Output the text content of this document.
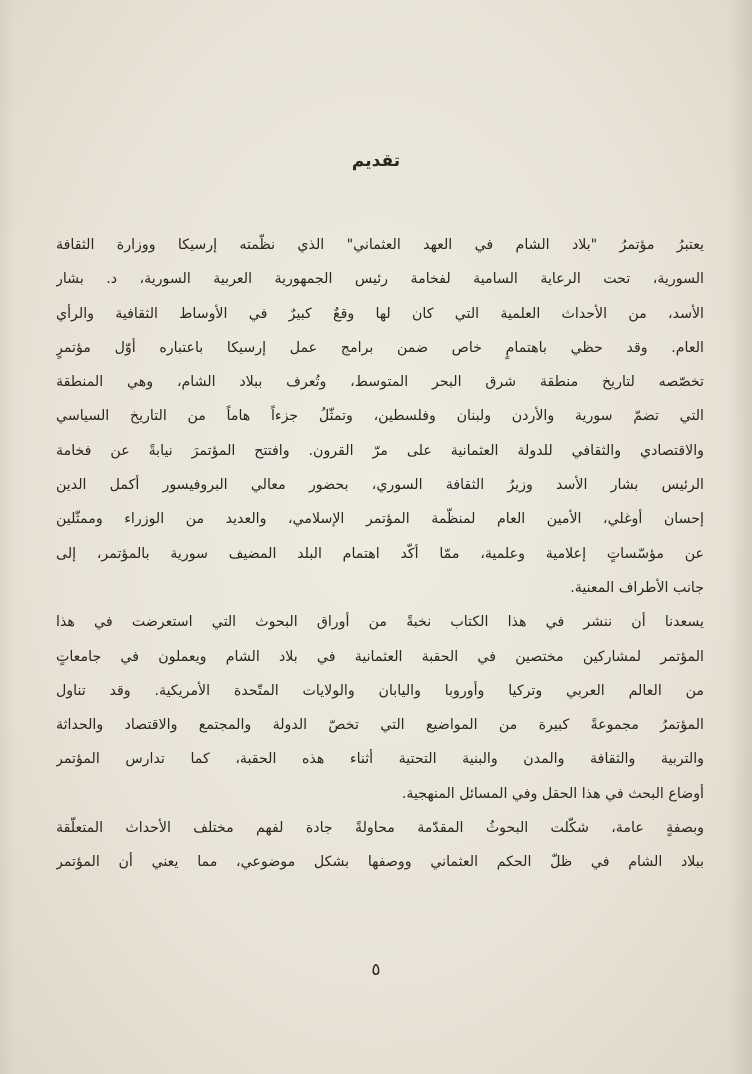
تقديم

يعتبرُ مؤتمرُ "بلاد الشام في العهد العثماني" الذي نظّمته إرسيكا ووزارة الثقافة
السورية، تحت الرعاية السامية لفخامة رئيس الجمهورية العربية السورية، د. بشار
الأسد، من الأحداث العلمية التي كان لها وقعٌ كبيرٌ في الأوساط الثقافية والرأي
العام. وقد حظي باهتمامٍ خاص ضمن برامج عمل إرسيكا باعتباره أوّل مؤتمرٍ
تخصّصه لتاريخ منطقة شرق البحر المتوسط، وتُعرف ببلاد الشام، وهي المنطقة
التي تضمّ سورية والأردن ولبنان وفلسطين، وتمثّلُ جزءاً هاماً من التاريخ السياسي
والاقتصادي والثقافي للدولة العثمانية على مرّ القرون. وافتتح المؤتمرَ نيابةً عن فخامة
الرئيس بشار الأسد وزيرُ الثقافة السوري، بحضور معالي البروفيسور أكمل الدين
إحسان أوغلي، الأمين العام لمنظّمة المؤتمر الإسلامي، والعديد من الوزراء وممثّلين
عن مؤسّساتٍ إعلامية وعلمية، ممّا أكّد اهتمام البلد المضيف سورية بالمؤتمر، إلى
جانب الأطراف المعنية.

يسعدنا أن ننشر في هذا الكتاب نخبةً من أوراق البحوث التي استعرضت في هذا
المؤتمر لمشاركين مختصين في الحقبة العثمانية في بلاد الشام ويعملون في جامعاتٍ
من العالم العربي وتركيا وأوروبا واليابان والولايات المتّحدة الأمريكية. وقد تناول
المؤتمرُ مجموعةً كبيرة من المواضيع التي تخصّ الدولة والمجتمع والاقتصاد والحداثة
والتربية والثقافة والمدن والبنية التحتية أثناء هذه الحقبة، كما تدارس المؤتمر
أوضاع البحث في هذا الحقل وفي المسائل المنهجية.

وبصفةٍ عامة، شكّلت البحوثُ المقدّمة محاولةً جادة لفهم مختلف الأحداث المتعلّقة
ببلاد الشام في ظلّ الحكم العثماني ووصفها بشكل موضوعي، مما يعني أن المؤتمر

٥
